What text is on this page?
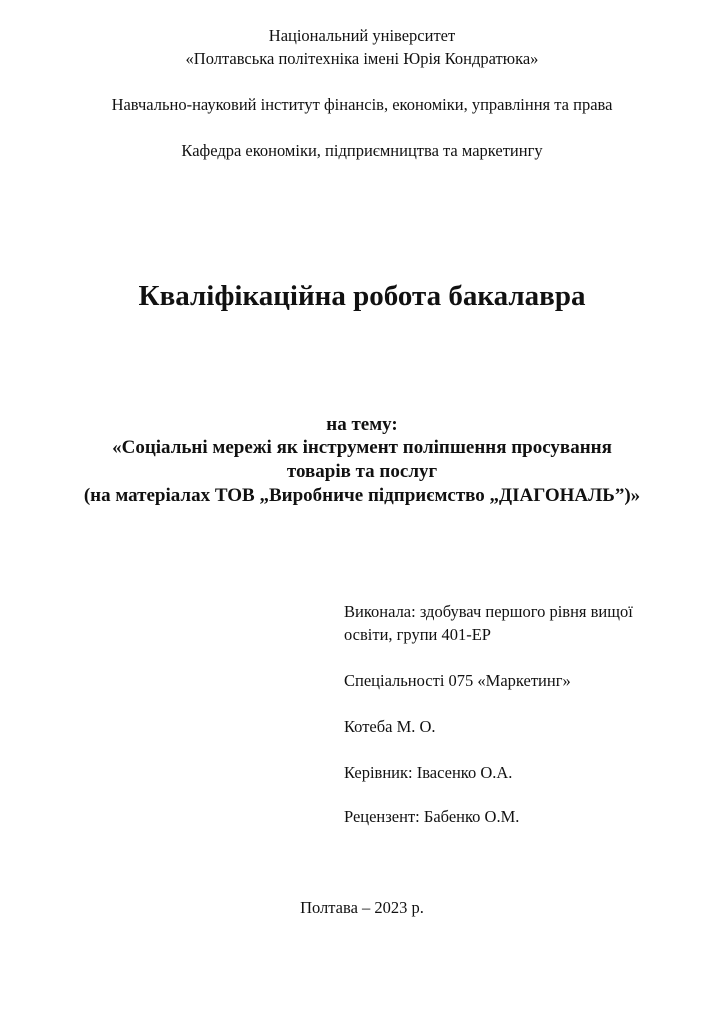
Національний університет
«Полтавська політехніка імені Юрія Кондратюка»
Навчально-науковий інститут фінансів, економіки, управління та права
Кафедра економіки, підприємництва та маркетингу
Кваліфікаційна робота бакалавра
на тему:
«Соціальні мережі як інструмент поліпшення просування
товарів та послуг
(на матеріалах ТОВ „Виробниче підприємство „ДІАГОНАЛЬ”)»
Виконала: здобувач першого рівня вищої
освіти, групи 401-ЕР
Спеціальності 075 «Маркетинг»
Котеба М. О.
Керівник: Івасенко О.А.
Рецензент: Бабенко О.М.
Полтава – 2023 р.
